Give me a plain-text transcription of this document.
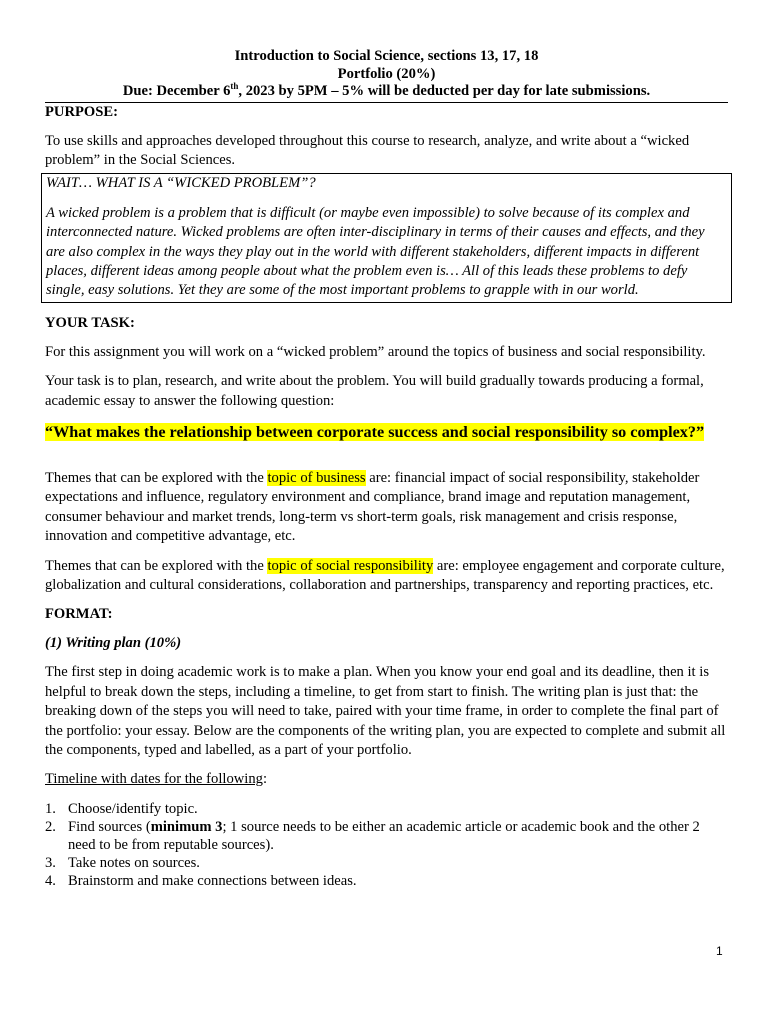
Introduction to Social Science, sections 13, 17, 18
Portfolio (20%)
Due: December 6th, 2023 by 5PM – 5% will be deducted per day for late submissions.
PURPOSE:

To use skills and approaches developed throughout this course to research, analyze, and write about a “wicked problem” in the Social Sciences.

WAIT… WHAT IS A “WICKED PROBLEM”?

A wicked problem is a problem that is difficult (or maybe even impossible) to solve because of its complex and interconnected nature. Wicked problems are often inter-disciplinary in terms of their causes and effects, and they are also complex in the ways they play out in the world with different stakeholders, different impacts in different places, different ideas among people about what the problem even is… All of this leads these problems to defy single, easy solutions. Yet they are some of the most important problems to grapple with in our world.

YOUR TASK:

For this assignment you will work on a “wicked problem” around the topics of business and social responsibility.

Your task is to plan, research, and write about the problem. You will build gradually towards producing a formal, academic essay to answer the following question:

“What makes the relationship between corporate success and social responsibility so complex?”

Themes that can be explored with the topic of business are: financial impact of social responsibility, stakeholder expectations and influence, regulatory environment and compliance, brand image and reputation management, consumer behaviour and market trends, long-term vs short-term goals, risk management and crisis response, innovation and competitive advantage, etc.

Themes that can be explored with the topic of social responsibility are: employee engagement and corporate culture, globalization and cultural considerations, collaboration and partnerships, transparency and reporting practices, etc.

FORMAT:
(1) Writing plan (10%)

The first step in doing academic work is to make a plan. When you know your end goal and its deadline, then it is helpful to break down the steps, including a timeline, to get from start to finish. The writing plan is just that: the breaking down of the steps you will need to take, paired with your time frame, in order to complete the final part of the portfolio: your essay. Below are the components of the writing plan, you are expected to complete and submit all the components, typed and labelled, as a part of your portfolio.

Timeline with dates for the following:

1. Choose/identify topic.
2. Find sources (minimum 3; 1 source needs to be either an academic article or academic book and the other 2 need to be from reputable sources).
3. Take notes on sources.
4. Brainstorm and make connections between ideas.
1
